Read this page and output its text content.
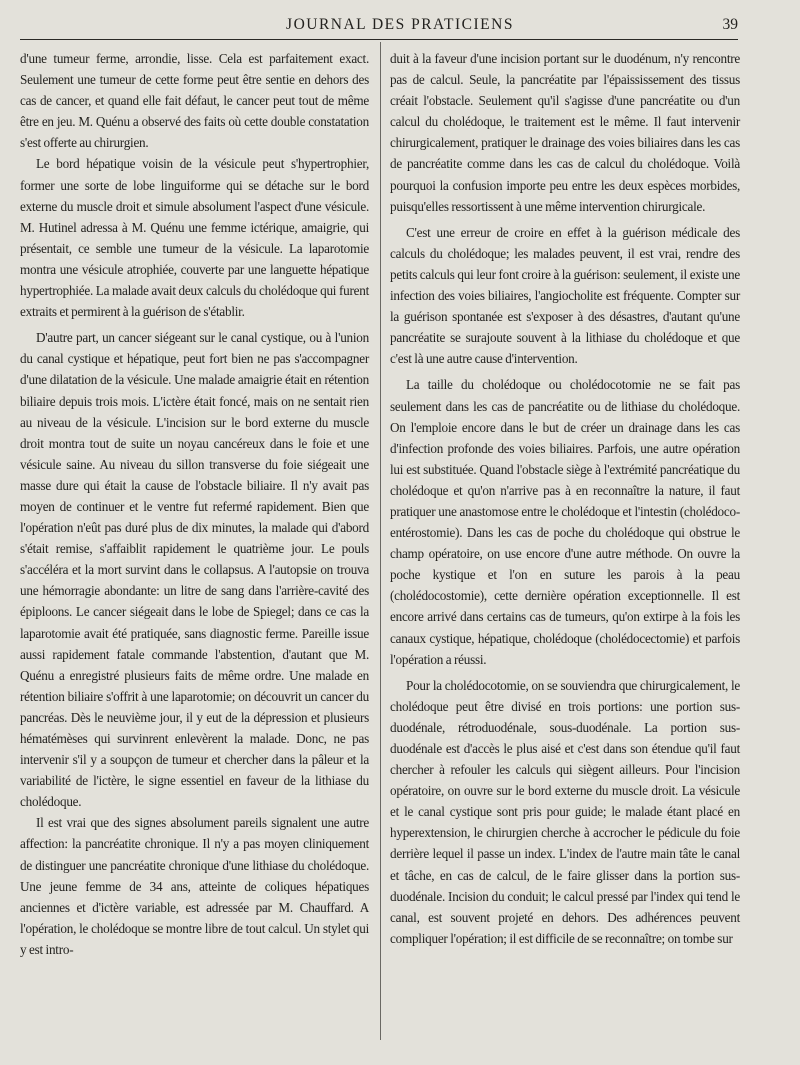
JOURNAL DES PRATICIENS	39

d'une tumeur ferme, arrondie, lisse. Cela est parfaitement exact. Seulement une tumeur de cette forme peut être sentie en dehors des cas de cancer, et quand elle fait défaut, le cancer peut tout de même être en jeu. M. Quénu a observé des faits où cette double constatation s'est offerte au chirurgien.

Le bord hépatique voisin de la vésicule peut s'hypertrophier, former une sorte de lobe linguiforme qui se détache sur le bord externe du muscle droit et simule absolument l'aspect d'une vésicule. M. Hutinel adressa à M. Quénu une femme ictérique, amaigrie, qui présentait, ce semble une tumeur de la vésicule. La laparotomie montra une vésicule atrophiée, couverte par une languette hépatique hypertrophiée. La malade avait deux calculs du cholédoque qui furent extraits et permirent à la guérison de s'établir.

D'autre part, un cancer siégeant sur le canal cystique, ou à l'union du canal cystique et hépatique, peut fort bien ne pas s'accompagner d'une dilatation de la vésicule. Une malade amaigrie était en rétention biliaire depuis trois mois. L'ictère était foncé, mais on ne sentait rien au niveau de la vésicule. L'incision sur le bord externe du muscle droit montra tout de suite un noyau cancéreux dans le foie et une vésicule saine. Au niveau du sillon transverse du foie siégeait une masse dure qui était la cause de l'obstacle biliaire. Il n'y avait pas moyen de continuer et le ventre fut refermé rapidement. Bien que l'opération n'eût pas duré plus de dix minutes, la malade qui d'abord s'était remise, s'affaiblit rapidement le quatrième jour. Le pouls s'accéléra et la mort survint dans le collapsus. A l'autopsie on trouva une hémorragie abondante: un litre de sang dans l'arrière-cavité des épiploons. Le cancer siégeait dans le lobe de Spiegel; dans ce cas la laparotomie avait été pratiquée, sans diagnostic ferme. Pareille issue aussi rapidement fatale commande l'abstention, d'autant que M. Quénu a enregistré plusieurs faits de même ordre. Une malade en rétention biliaire s'offrit à une laparotomie; on découvrit un cancer du pancréas. Dès le neuvième jour, il y eut de la dépression et plusieurs hématémèses qui survinrent enlevèrent la malade. Donc, ne pas intervenir s'il y a soupçon de tumeur et chercher dans la pâleur et la variabilité de l'ictère, le signe essentiel en faveur de la lithiase du cholédoque.

Il est vrai que des signes absolument pareils signalent une autre affection: la pancréatite chronique. Il n'y a pas moyen cliniquement de distinguer une pancréatite chronique d'une lithiase du cholédoque. Une jeune femme de 34 ans, atteinte de coliques hépatiques anciennes et d'ictère variable, est adressée par M. Chauffard. A l'opération, le cholédoque se montre libre de tout calcul. Un stylet qui y est intro-

duit à la faveur d'une incision portant sur le duodénum, n'y rencontre pas de calcul. Seule, la pancréatite par l'épaississement des tissus créait l'obstacle. Seulement qu'il s'agisse d'une pancréatite ou d'un calcul du cholédoque, le traitement est le même. Il faut intervenir chirurgicalement, pratiquer le drainage des voies biliaires dans les cas de pancréatite comme dans les cas de calcul du cholédoque. Voilà pourquoi la confusion importe peu entre les deux espèces morbides, puisqu'elles ressortissent à une même intervention chirurgicale.

C'est une erreur de croire en effet à la guérison médicale des calculs du cholédoque; les malades peuvent, il est vrai, rendre des petits calculs qui leur font croire à la guérison: seulement, il existe une infection des voies biliaires, l'angiocholite est fréquente. Compter sur la guérison spontanée est s'exposer à des désastres, d'autant qu'une pancréatite se surajoute souvent à la lithiase du cholédoque et que c'est là une autre cause d'intervention.

La taille du cholédoque ou cholédocotomie ne se fait pas seulement dans les cas de pancréatite ou de lithiase du cholédoque. On l'emploie encore dans le but de créer un drainage dans les cas d'infection profonde des voies biliaires. Parfois, une autre opération lui est substituée. Quand l'obstacle siège à l'extrémité pancréatique du cholédoque et qu'on n'arrive pas à en reconnaître la nature, il faut pratiquer une anastomose entre le cholédoque et l'intestin (cholédoco-entérostomie). Dans les cas de poche du cholédoque qui obstrue le champ opératoire, on use encore d'une autre méthode. On ouvre la poche kystique et l'on en suture les parois à la peau (cholédocostomie), cette dernière opération exceptionnelle. Il est encore arrivé dans certains cas de tumeurs, qu'on extirpe à la fois les canaux cystique, hépatique, cholédoque (cholédocectomie) et parfois l'opération a réussi.

Pour la cholédocotomie, on se souviendra que chirurgicalement, le cholédoque peut être divisé en trois portions: une portion sus-duodénale, rétroduodénale, sous-duodénale. La portion sus-duodénale est d'accès le plus aisé et c'est dans son étendue qu'il faut chercher à refouler les calculs qui siègent ailleurs. Pour l'incision opératoire, on ouvre sur le bord externe du muscle droit. La vésicule et le canal cystique sont pris pour guide; le malade étant placé en hyperextension, le chirurgien cherche à accrocher le pédicule du foie derrière lequel il passe un index. L'index de l'autre main tâte le canal et tâche, en cas de calcul, de le faire glisser dans la portion sus-duodénale. Incision du conduit; le calcul pressé par l'index qui tend le canal, est souvent projeté en dehors. Des adhérences peuvent compliquer l'opération; il est difficile de se reconnaître; on tombe sur
